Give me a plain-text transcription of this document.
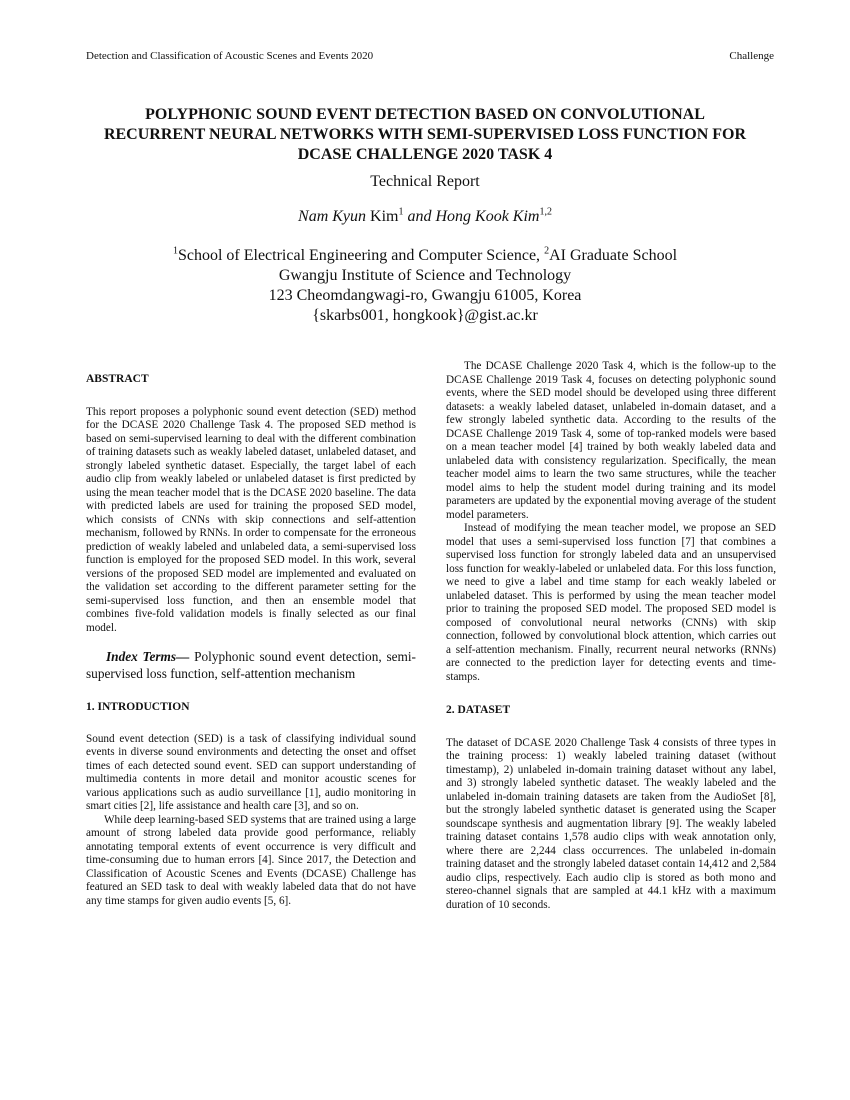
Detection and Classification of Acoustic Scenes and Events 2020	Challenge
POLYPHONIC SOUND EVENT DETECTION BASED ON CONVOLUTIONAL
RECURRENT NEURAL NETWORKS WITH SEMI-SUPERVISED LOSS FUNCTION FOR
DCASE CHALLENGE 2020 TASK 4
Technical Report
Nam Kyun Kim$^1$ and Hong Kook Kim$^{1,2}$
$^1$School of Electrical Engineering and Computer Science, $^2$AI Graduate School
Gwangju Institute of Science and Technology
123 Cheomdangwagi-ro, Gwangju 61005, Korea
{skarbs001, hongkook}@gist.ac.kr

ABSTRACT

This report proposes a polyphonic sound event detection (SED) method for the DCASE 2020 Challenge Task 4. The proposed SED method is based on semi-supervised learning to deal with the different combination of training datasets such as weakly labeled dataset, unlabeled dataset, and strongly labeled synthetic dataset. Especially, the target label of each audio clip from weakly labeled or unlabeled dataset is first predicted by using the mean teacher model that is the DCASE 2020 baseline. The data with predicted labels are used for training the proposed SED model, which consists of CNNs with skip connections and self-attention mechanism, followed by RNNs. In order to compensate for the erroneous prediction of weakly labeled and unlabeled data, a semi-supervised loss function is employed for the proposed SED model. In this work, several versions of the proposed SED model are implemented and evaluated on the validation set according to the different parameter setting for the semi-supervised loss function, and then an ensemble model that combines five-fold validation models is finally selected as our final model.

Index Terms— Polyphonic sound event detection, semi-supervised loss function, self-attention mechanism

1. INTRODUCTION

Sound event detection (SED) is a task of classifying individual sound events in diverse sound environments and detecting the onset and offset times of each detected sound event. SED can support understanding of multimedia contents in more detail and monitor acoustic scenes for various applications such as audio surveillance [1], audio monitoring in smart cities [2], life assistance and health care [3], and so on.

While deep learning-based SED systems that are trained using a large amount of strong labeled data provide good performance, reliably annotating temporal extents of event occurrence is very difficult and time-consuming due to human errors [4]. Since 2017, the Detection and Classification of Acoustic Scenes and Events (DCASE) Challenge has featured an SED task to deal with weakly labeled data that do not have any time stamps for given audio events [5, 6].

The DCASE Challenge 2020 Task 4, which is the follow-up to the DCASE Challenge 2019 Task 4, focuses on detecting polyphonic sound events, where the SED model should be developed using three different datasets: a weakly labeled dataset, unlabeled in-domain dataset, and a few strongly labeled synthetic data. According to the results of the DCASE Challenge 2019 Task 4, some of top-ranked models were based on a mean teacher model [4] trained by both weakly labeled data and unlabeled data with consistency regularization. Specifically, the mean teacher model aims to learn the two same structures, while the teacher model aims to help the student model during training and its model parameters are updated by the exponential moving average of the student model parameters.

Instead of modifying the mean teacher model, we propose an SED model that uses a semi-supervised loss function [7] that combines a supervised loss function for strongly labeled data and an unsupervised loss function for weakly-labeled or unlabeled data. For this loss function, we need to give a label and time stamp for each weakly labeled or unlabeled dataset. This is performed by using the mean teacher model prior to training the proposed SED model. The proposed SED model is composed of convolutional neural networks (CNNs) with skip connection, followed by convolutional block attention, which carries out a self-attention mechanism. Finally, recurrent neural networks (RNNs) are connected to the prediction layer for detecting events and time-stamps.

2. DATASET

The dataset of DCASE 2020 Challenge Task 4 consists of three types in the training process: 1) weakly labeled training dataset (without timestamp), 2) unlabeled in-domain training dataset without any label, and 3) strongly labeled synthetic dataset. The weakly labeled and the unlabeled in-domain training datasets are taken from the AudioSet [8], but the strongly labeled synthetic dataset is generated using the Scaper soundscape synthesis and augmentation library [9]. The weakly labeled training dataset contains 1,578 audio clips with weak annotation only, where there are 2,244 class occurrences. The unlabeled in-domain training dataset and the strongly labeled dataset contain 14,412 and 2,584 audio clips, respectively. Each audio clip is stored as both mono and stereo-channel signals that are sampled at 44.1 kHz with a maximum duration of 10 seconds.
